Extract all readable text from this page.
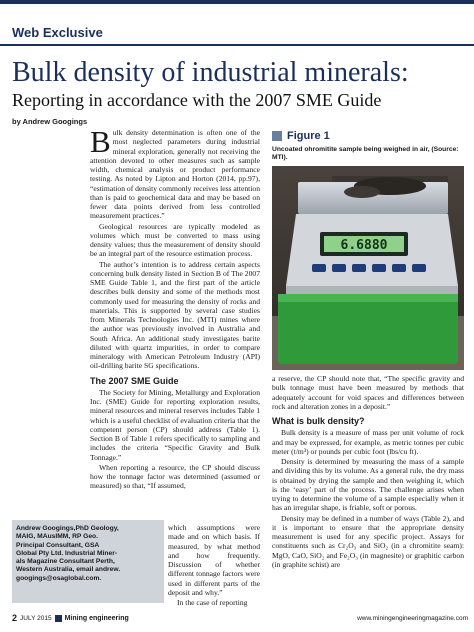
Web Exclusive
Bulk density of industrial minerals:
Reporting in accordance with the 2007 SME Guide
by Andrew Googings

Bulk density determination is often one of the most neglected parameters during industrial mineral exploration, generally not receiving the attention devoted to other measures such as sample width, chemical analysis or product performance testing. As noted by Lipton and Horton (2014, pp.97), “estimation of density commonly receives less attention than is paid to geochemical data and may be based on fewer data points derived from less controlled measurement practices.”

Geological resources are typically modeled as volumes which must be converted to mass using density values; thus the measurement of density should be an integral part of the resource estimation process.

The author’s intention is to address certain aspects concerning bulk density listed in Section B of The 2007 SME Guide Table 1, and the first part of the article describes bulk density and some of the methods most commonly used for measuring the density of rocks and materials. This is supported by several case studies from Minerals Technologies Inc. (MTI) mines where the author was previously involved in Australia and South Africa. An additional study investigates barite diluted with quartz impurities, in order to compare mineralogy with American Petroleum Industry (API) oil-drilling barite SG specifications.

The 2007 SME Guide

The Society for Mining, Metallurgy and Exploration Inc. (SME) Guide for reporting exploration results, mineral resources and mineral reserves includes Table 1 which is a useful checklist of evaluation criteria that the competent person (CP) should address (Table 1). Section B of Table 1 refers specifically to sampling and includes the criteria “Specific Gravity and Bulk Tonnage.”

When reporting a resource, the CP should discuss how the tonnage factor was determined (assumed or measured) so that, “If assumed,

which assumptions were made and on which basis. If measured, by what method and how frequently. Discussion of whether different tonnage factors were used in different parts of the deposit and why.”

In the case of reporting

Andrew Googings,PhD Geology,
MAIG, MAusIMM, RP Geo.
Principal Consultant, GSA
Global Pty Ltd. Industrial Miner-
als Magazine Consultant Perth,
Western Australia, email andrew.
googings@osaglobal.com.
Figure 1
Uncoated ohromitite sample being weighed in air, (Source: MTI).
6.6880

a reserve, the CP should note that, “The specific gravity and bulk tonnage must have been measured by methods that adequately account for void spaces and differences between rock and alteration zones in a deposit.”

What is bulk density?

Bulk density is a measure of mass per unit volume of rock and may be expressed, for example, as metric tonnes per cubic meter (t/m³) or pounds per cubic foot (lbs/cu ft).

Density is determined by measuring the mass of a sample and dividing this by its volume. As a general rule, the dry mass is obtained by drying the sample and then weighing it, which is the ‘easy’ part of the process. The challenge arises when trying to determine the volume of a sample especially when it has an irregular shape, is friable, soft or porous.

Density may be defined in a number of ways (Table 2), and it is important to ensure that the appropriate density measurement is used for any specific project. Assays for constituents such as Cr₂O₃ and SiO₂ (in a chromitite seam): MgO, CaO, SiO₂ and Fe₂O₃ (in magnesite) or graphitic carbon (in graphite schist) are

2 JULY 2015 Mining engineering	www.miningengineeringmagazine.com
